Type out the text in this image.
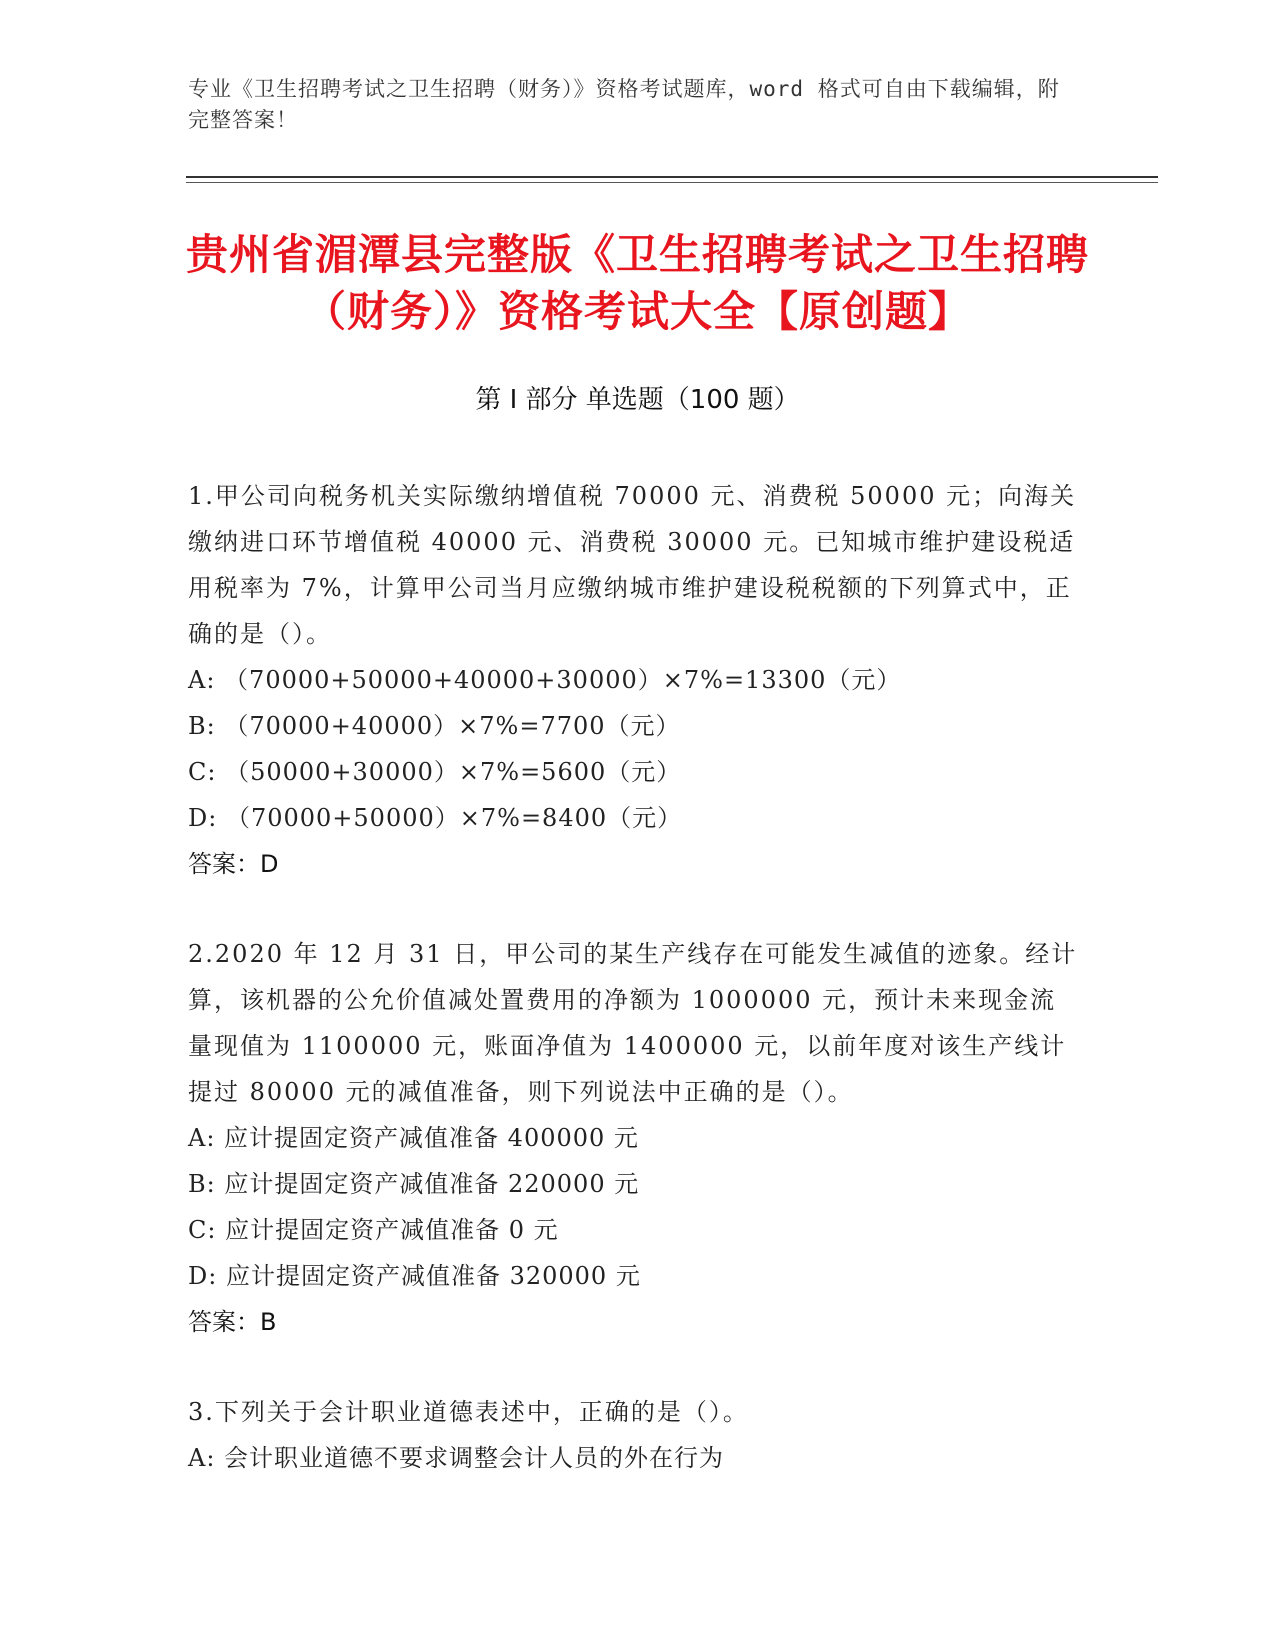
专业《卫生招聘考试之卫生招聘（财务）》资格考试题库，word 格式可自由下载编辑，附完整答案！
贵州省湄潭县完整版《卫生招聘考试之卫生招聘（财务）》资格考试大全【原创题】
第 I 部分 单选题（100 题）
1.甲公司向税务机关实际缴纳增值税 70000 元、消费税 50000 元；向海关缴纳进口环节增值税 40000 元、消费税 30000 元。已知城市维护建设税适用税率为 7%，计算甲公司当月应缴纳城市维护建设税税额的下列算式中，正确的是（）。
A: （70000+50000+40000+30000）×7%=13300（元）
B: （70000+40000）×7%=7700（元）
C: （50000+30000）×7%=5600（元）
D: （70000+50000）×7%=8400（元）
答案：D
2.2020 年 12 月 31 日，甲公司的某生产线存在可能发生减值的迹象。经计算，该机器的公允价值减处置费用的净额为 1000000 元，预计未来现金流量现值为 1100000 元，账面净值为 1400000 元，以前年度对该生产线计提过 80000 元的减值准备，则下列说法中正确的是（）。
A: 应计提固定资产减值准备 400000 元
B: 应计提固定资产减值准备 220000 元
C: 应计提固定资产减值准备 0 元
D: 应计提固定资产减值准备 320000 元
答案：B
3.下列关于会计职业道德表述中，正确的是（）。
A: 会计职业道德不要求调整会计人员的外在行为
